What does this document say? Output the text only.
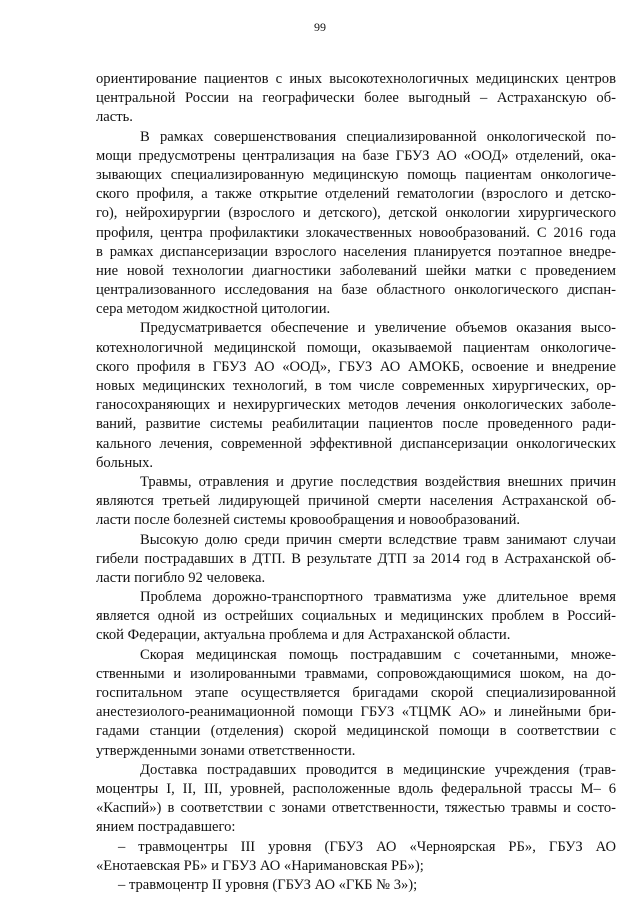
99
ориентирование пациентов с иных высокотехнологичных медицинских центров
центральной России на географически более выгодный – Астраханскую об-
ласть.
В рамках совершенствования специализированной онкологической по-
мощи предусмотрены централизация на базе ГБУЗ АО «ООД» отделений, ока-
зывающих специализированную медицинскую помощь пациентам онкологиче-
ского профиля, а также открытие отделений гематологии (взрослого и детско-
го), нейрохирургии (взрослого и детского), детской онкологии хирургического
профиля, центра профилактики злокачественных новообразований. С 2016 года
в рамках диспансеризации взрослого населения планируется поэтапное внедре-
ние новой технологии диагностики заболеваний шейки матки с проведением
централизованного исследования на базе областного онкологического диспан-
сера методом жидкостной цитологии.
Предусматривается обеспечение и увеличение объемов оказания высо-
котехнологичной медицинской помощи, оказываемой пациентам онкологиче-
ского профиля в ГБУЗ АО «ООД», ГБУЗ АО АМОКБ, освоение и внедрение
новых медицинских технологий, в том числе современных хирургических, ор-
ганосохраняющих и нехирургических методов лечения онкологических заболе-
ваний, развитие системы реабилитации пациентов после проведенного ради-
кального лечения, современной эффективной диспансеризации онкологических
больных.
Травмы, отравления и другие последствия воздействия внешних причин
являются третьей лидирующей причиной смерти населения Астраханской об-
ласти после болезней системы кровообращения и новообразований.
Высокую долю среди причин смерти вследствие травм занимают случаи
гибели пострадавших в ДТП. В результате ДТП за 2014 год в Астраханской об-
ласти погибло 92 человека.
Проблема дорожно-транспортного травматизма уже длительное время
является одной из острейших социальных и медицинских проблем в Россий-
ской Федерации, актуальна проблема и для Астраханской области.
Скорая медицинская помощь пострадавшим с сочетанными, множе-
ственными и изолированными травмами, сопровождающимися шоком, на до-
госпитальном этапе осуществляется бригадами скорой специализированной
анестезиолого-реанимационной помощи ГБУЗ «ТЦМК АО» и линейными бри-
гадами станции (отделения) скорой медицинской помощи в соответствии с
утвержденными зонами ответственности.
Доставка пострадавших проводится в медицинские учреждения (трав-
моцентры I, II, III, уровней, расположенные вдоль федеральной трассы М– 6
«Каспий») в соответствии с зонами ответственности, тяжестью травмы и состо-
янием пострадавшего:
– травмоцентры III уровня (ГБУЗ АО «Черноярская РБ», ГБУЗ АО
«Енотаевская РБ» и ГБУЗ АО «Наримановская РБ»);
– травмоцентр II уровня (ГБУЗ АО «ГКБ № 3»);
